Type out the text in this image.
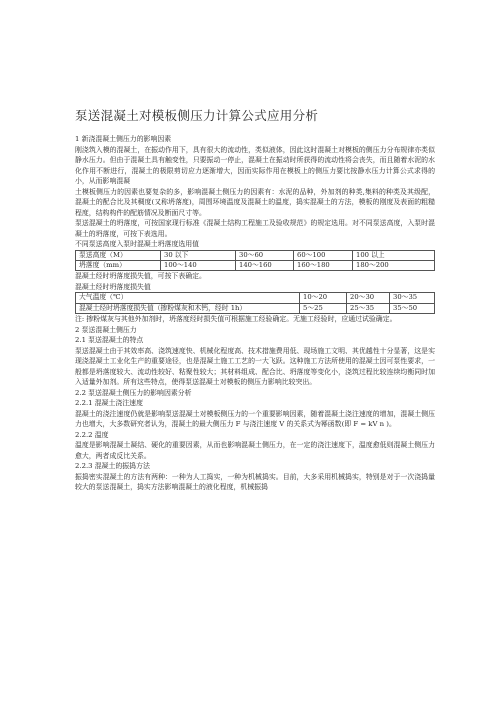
泵送混凝土对模板侧压力计算公式应用分析

1 新浇混凝土侧压力的影响因素

刚浇筑入模的混凝土，在振动作用下，具有很大的流动性，类似液体，因此这时混凝土对模板的侧压力分布规律亦类似静水压力。但由于混凝土具有触变性，只要振动一停止，混凝土在振动时所获得的流动性将会丧失，而且随着水泥的水化作用不断进行，混凝土的极限剪切应力逐渐增大，因而实际作用在模板上的侧压力要比按静水压力计算公式求得的小，从而影响混凝

土模板侧压力的因素也要复杂的多，影响混凝土侧压力的因素有：水泥的品种，外加剂的种类,集料的种类及其级配，混凝土的配合比及其稠度(又称坍落度)，周围环境温度及混凝土的温度，捣实混凝土的方法，模板的刚度及表面的粗糙程度，结构构件的配筋情况及断面尺寸等。

泵送混凝土的坍落度，可按国家现行标准《混凝土结构工程施工及验收规范》的规定选用。对不同泵送高度，入泵时混凝土的坍落度，可按下表选用。

不同泵送高度入泵时混凝土坍落度选用值

泵送高度（M）	30 以下	30～60	60～100	100 以上
坍落度（mm）	100～140	140～160	160～180	180～200

混凝土经时坍落度损失值，可按下表确定。

混凝土经时坍落度损失值

大气温度（℃）	10～20	20～30	30～35
混凝土经时坍落度损失值（掺粉煤灰和木钙，经时 1h）	5～25	25～35	35～50

注: 掺粉煤灰与其他外加剂时，坍落度经时损失值可根据施工经验确定。无施工经验时，应通过试验确定。

2 泵送混凝土侧压力

2.1 泵送混凝土的特点

泵送混凝土由于其效率高、浇筑速度快、机械化程度高、技术措施费用低、现场施工文明、其优越性十分显著，这是实现浇混凝土工业化生产的重要途径，也是混凝土施工工艺的一大飞跃。这种施工方法所使用的混凝土因可泵性要求，一般都是坍落度较大、流动性较好、粘聚性较大；其材料组成、配合比、坍落度等变化小，浇筑过程比较连续均衡同时加入适量外加剂。所有这些特点，使得泵送混凝土对模板的侧压力影响比较突出。

2.2 泵送混凝土侧压力的影响因素分析

2.2.1 混凝土浇注速度

混凝土的浇注速度仍就是影响泵送混凝土对模板侧压力的一个重要影响因素，随着混凝土浇注速度的增加，混凝土侧压力也增大，大多数研究者认为，混凝土的最大侧压力 F 与浇注速度 V 的关系式为幂函数(即 F = kV n )。

2.2.2 温度

温度是影响混凝土凝结、硬化的重要因素，从而也影响混凝土侧压力，在一定的浇注速度下，温度愈低则混凝土侧压力愈大，两者成反比关系。

2.2.3 混凝土的振捣方法

振捣密实混凝土的方法有两种：一种为人工捣实，一种为机械捣实。目前，大多采用机械捣实，特别是对于一次浇捣量较大的泵送混凝土，捣实方法影响混凝土的液化程度，机械振捣
